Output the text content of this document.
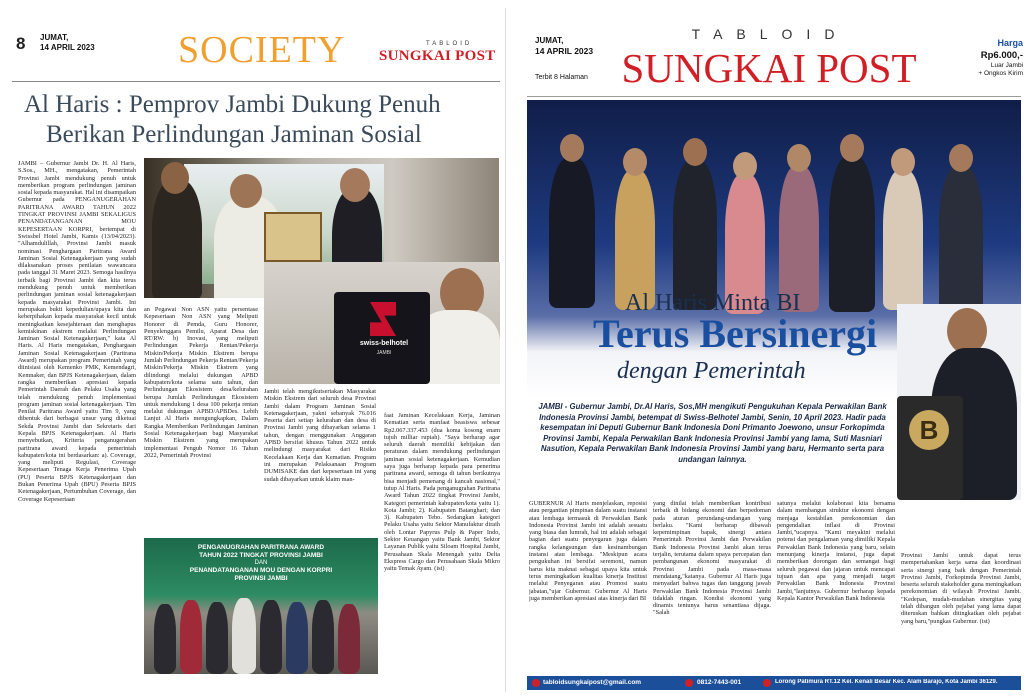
8 JUMAT,
14 APRIL 2023 SOCIETY	TABLOID
SUNGKAI POST
Al Haris : Pemprov Jambi Dukung Penuh
Berikan Perlindungan Jaminan Sosial
JAMBI – Gubernur Jambi Dr. H. Al Haris, S.Sos., MH., mengatakan, Pemerintah Provinsi Jambi mendukung penuh untuk memberikan program perlindungan jaminan sosial kepada masyarakat. Hal ini disampaikan Gubernur pada PENGANUGERAHAN PARITRANA AWARD TAHUN 2022 TINGKAT PROVINSI JAMBI SEKALIGUS PENANDATANGANAN MOU KEPESERTAAN KORPRI, bertempat di Swissbel Hotel Jambi, Kamis (13/04/2023). "Alhamdulillah, Provinsi Jambi masuk nominasi Penghargaan Paritrana Award Jaminan Sosial Ketenagakerjaan yang sudah dilaksanakan proses penilaian wawancara pada tanggal 31 Maret 2023. Semoga hasilnya terbaik bagi Provinsi Jambi dan kita terus mendukung penuh untuk memberikan perlindungan jaminan sosial ketenagakerjaan kepada masyarakat Provinsi Jambi. Ini merupakan bukti kepedulian/upaya kita dan keberpihakan kepada masyarakat kecil untuk meningkatkan kesejahteraan dan menghapus kemiskinan ekstrem melalui Perlindungan Jaminan Sosial Ketenagakerjaan," kata Al Haris. Al Haris mengatakan, Penghargaan Jaminan Sosial Ketenagakerjaan (Paritrana Award) merupakan program Pemerintah yang diinisiasi oleh Kemenko PMK, Kemendagri, Kemnaker, dan BPJS Ketenagakerjaan, dalam rangka memberikan apresiasi kepada Pemerintah Daerah dan Pelaku Usaha yang telah mendukung penuh implementasi program jaminan sosial ketenagakerjaan. Tim Penilai Paritrana Award yaitu Tim 9, yang dibentuk dari berbagai unsur yang diketuai Sekda Provinsi Jambi dan Sekretaris dari Kepala BPJS Ketenagakerjaan. Al Haris menyebutkan, Kriteria penganugerahan paritrana award kepada pemerintah kabupaten/kota ini berdasarkan: a). Coverage, yang meliputi Regulasi, Coverage Kepesertaan Tenaga Kerja Penerima Upah (PU) Peserta BPJS Ketenagakerjaan dan Bukan Penerima Upah (BPU) Peserta BPJS Ketenagakerjaan, Pertumbuhan Coverage, dan Coverage Kepesertaan
swiss-belhotel
JAMBI
an Pegawai Non ASN yaitu persentase Kepesertaan Non ASN yang Meliputi Honorer di Pemda, Guru Honorer, Penyelenggara Pemilu, Aparat Desa dan RT/RW. b) Inovasi, yang meliputi Perlindungan Pekerja Rentan/Pekerja Miskin/Pekerja Miskin Ekstrem berupa Jumlah Perlindungan Pekerja Rentan/Pekerja Miskin/Pekerja Miskin Ekstrem yang dilindungi melalui dukungan APBD kabupaten/kota selama satu tahun, dan Perlindungan Ekosistem desa/kelurahan berupa Jumlah Perlindungan Ekosistem untuk mendukung 1 desa 100 pekerja rentan melalui dukungan APBD/APBDes. Lebih Lanjut Al Haris mengungkapkan, Dalam Rangka Memberikan Perlindungan Jaminan Sosial Ketenagakerjaan bagi Masyarakat Miskin Ekstrem yang merupakan implementasi Pengub Nomor 16 Tahun 2022, Pemerintah Provinsi
Jambi telah mengikutsertakan Masyarakat Miskin Ekstrem dari seluruh desa Provinsi Jambi dalam Program Jaminan Sosial Ketenagakerjaan, yakni sebanyak 76.016 Peserta dari setiap kelurahan dan desa di Provinsi Jambi yang dibayarkan selama 1 tahun, dengan menggunakan Anggaran APBD bersifat khusus Tahun 2022 untuk melindungi masyarakat dari Risiko Kecelakaan Kerja dan Kematian. Program ini merupakan Pelaksanaan Program DUMISAKE dan dari kepesertaan ini yang sudah dibayarkan untuk klaim man-
faat Jaminan Kecelakaan Kerja, Jaminan Kematian serta manfaat beasiswa sebesar Rp2.067.337.453 (dua koma kosong enam tujuh milliar rupiah). "Saya berharap agar seluruh daerah memiliki kebijakan dan peraturan dalam mendukung perlindungan jaminan sosial ketenagakerjaan. Kemudian saya juga berharap kepada para penerima paritrana award, semoga di tahun berikutnya bisa menjadi pemenang di kancah nasional," tutup Al Haris. Pada penganugrahan Paritrana Award Tahun 2022 tingkat Provinsi Jambi, Kategori pemerintah kabupaten/kota yaitu 1). Kota Jambi; 2). Kabupaten Batanghari; dan 3). Kabupaten Tebo. Sedangkan kategori Pelaku Usaha yaitu Sektor Manufaktur diraih oleh Lontar Papyrus Pulp & Paper Indo, Sektor Keuangan yaitu Bank Jambi, Sektor Layanan Publik yaitu Siloam Hospital Jambi, Perusahaan Skala Menengah yaitu Delta Ekspress Cargo dan Perusahaan Skala Mikro yaitu Temak Ayam. (ist)
PENGANUGRAHAN PARITRANA AWARD
TAHUN 2022 TINGKAT PROVINSI JAMBI
DAN
PENANDATANGANAN MOU DENGAN KORPRI
PROVINSI JAMBI
JUMAT,
14 APRIL 2023
Terbit 8 Halaman
TABLOID
SUNGKAI POST
Harga
Rp6.000,-
Luar Jambi
+ Ongkos Kirim
B
Al Haris Minta BI
Terus Bersinergi
dengan Pemerintah
JAMBI - Gubernur Jambi, Dr.Al Haris, Sos,MH mengikuti Pengukuhan Kepala Perwakilan Bank Indonesia Provinsi Jambi, betempat di Swiss-Belhotel Jambi, Senin, 10 April 2023. Hadir pada kesempatan ini Deputi Gubernur Bank Indonesia Doni Primanto Joewono, unsur Forkopimda Provinsi Jambi, Kepala Perwakilan Bank Indonesia Provinsi Jambi yang lama, Suti Masniari Nasution, Kepala Perwakilan Bank Indonesia Provinsi Jambi yang baru, Hermanto serta para undangan lainnya.
GUBERNUR Al Haris menjelaskan, reposisi atau pergantian pimpinan dalam suatu instansi atau lembaga termasuk di Perwakilan Bank Indonesia Provinsi Jambi ini adalah sesuatu yang biasa dan lumrah, hal ini adalah sebagai bagian dari suatu penyegaran juga dalam rangka kelangsungan dan kesinambungan instansi atau lembaga. "Meskipun acara pengukuhan ini bersifat seremoni, namun harus kita maknai sebagai upaya kita untuk terus meningkatkan kualitas kinerja Institusi melalui Penyegaran atau Promosi suatu jabatan,"ujar Gubernur. Gubernur Al Haris juga memberikan apresiasi atas kinerja dari BI
yang dinilai telah memberikan kontribusi terbaik di bidang ekonomi dan berpedoman pada aturan perundang-undangan yang berlaku. "Kami berharap dibawah kepemimpinan bapak, sinergi antara Pemerintah Provinsi Jambi dan Perwakilan Bank Indonesia Provinsi Jambi akan terus terjalin, terutama dalam upaya percepatan dan pembangunan ekonomi masyarakat di Provinsi Jambi pada masa-masa mendatang,"katanya. Gubernur Al Haris juga menyadari bahwa tugas dan tanggung jawab Perwakilan Bank Indonesia Provinsi Jambi tidaklah ringan. Kondisi ekonomi yang dinamis tentunya harus senantiasa dijaga. "Salah
satunya melalui kolaborasi kita bersama dalam membangun struktur ekonomi dengan menjaga kestabilan perekonomian dan pengendalian inflasi di Provinsi Jambi,"ucapnya. "Kami meyakini melalui potensi dan pengalaman yang dimiliki Kepala Perwakilan Bank Indonesia yang baru, selain menunjang kinerja instansi, juga dapat memberikan dorongan dan semangat bagi seluruh pegawai dan jajaran untuk mencapai tujuan dan apa yang menjadi target Perwakilan Bank Indonesia Provinsi Jambi,"lanjutnya. Gubernur berharap kepada Kepala Kantor Perwakilan Bank Indonesia
Provinsi Jambi untuk dapat terus mempertahankan kerja sama dan koordinasi serta sinergi yang baik dengan Pemerintah Provinsi Jambi, Forkopimda Provinsi Jambi, beserta seluruh stakeholder guna meningkatkan perekonomian di wilayah Provinsi Jambi. "Kedepan, mudah-mudahan sinergitas yang telah dibangun oleh pejabat yang lama dapat diteruskan bahkan ditingkatkan oleh pejabat yang baru,"pungkas Gubernur. (ist)
tabloidsungkaipost@gmail.com	0812-7443-001	Lorong Patimura RT.12 Kel. Kenali Besar Kec. Alam Barajo, Kota Jambi 36129.
